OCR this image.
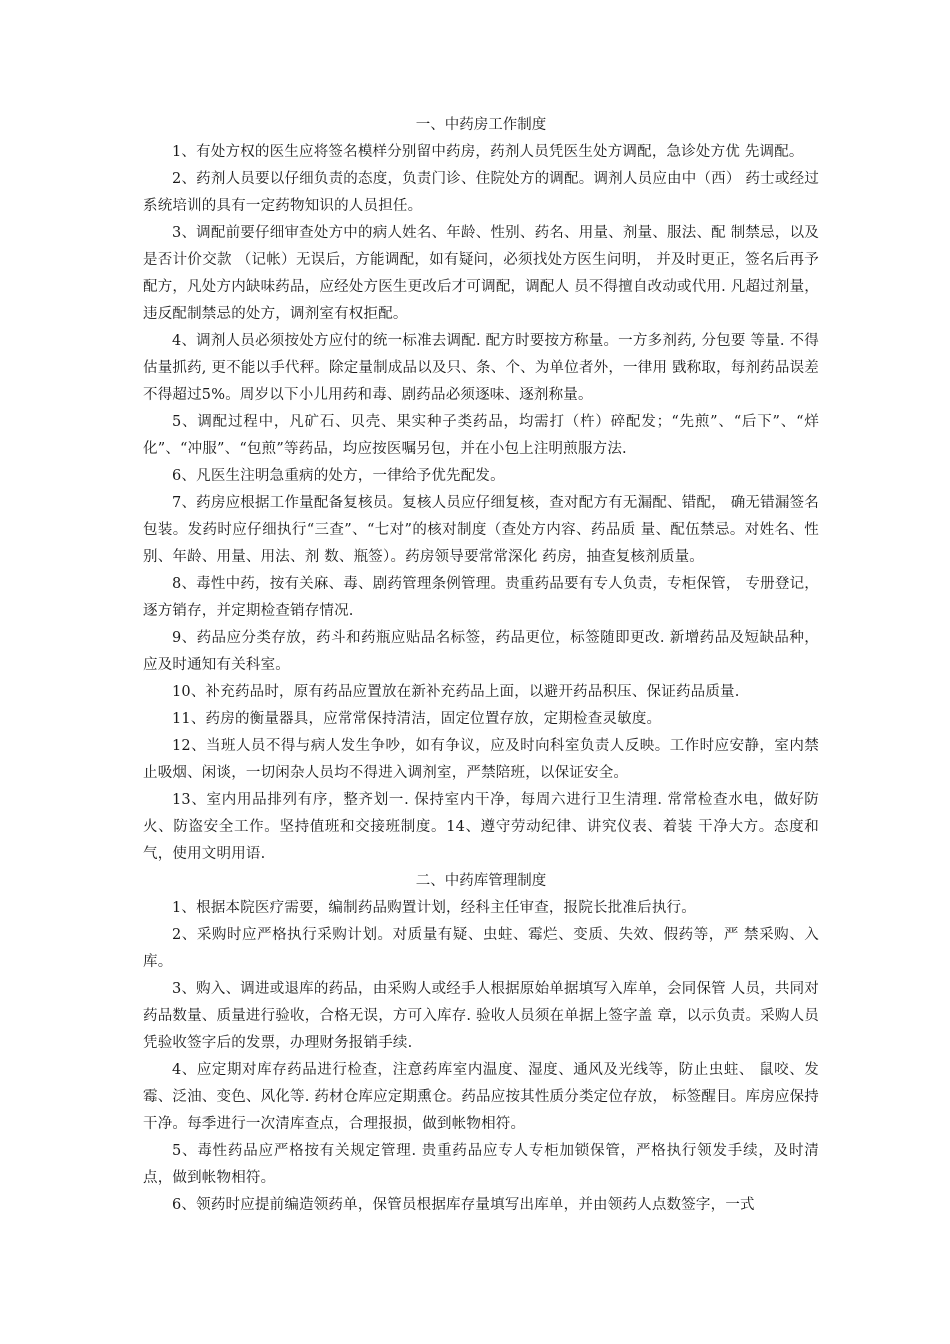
一、中药房工作制度

1、有处方权的医生应将签名模样分别留中药房，药剂人员凭医生处方调配，急诊处方优 先调配。

2、药剂人员要以仔细负责的态度，负责门诊、住院处方的调配。调剂人员应由中（西） 药士或经过系统培训的具有一定药物知识的人员担任。

3、调配前要仔细审查处方中的病人姓名、年龄、性别、药名、用量、剂量、服法、配 制禁忌，以及是否计价交款 （记帐）无误后，方能调配，如有疑问，必须找处方医生问明， 并及时更正，签名后再予配方，凡处方内缺味药品，应经处方医生更改后才可调配，调配人 员不得擅自改动或代用. 凡超过剂量，违反配制禁忌的处方，调剂室有权拒配。

4、调剂人员必须按处方应付的统一标准去调配. 配方时要按方称量。一方多剂药, 分包要 等量. 不得估量抓药, 更不能以手代秤。除定量制成品以及只、条、个、为单位者外，一律用 戥称取，每剂药品误差不得超过5%。周岁以下小儿用药和毒、剧药品必须逐味、逐剂称量。

5、调配过程中，凡矿石、贝壳、果实种子类药品，均需打（杵）碎配发；“先煎”、“后下”、“烊化”、“冲服”、“包煎”等药品，均应按医嘱另包，并在小包上注明煎服方法.

6、凡医生注明急重病的处方，一律给予优先配发。

7、药房应根据工作量配备复核员。复核人员应仔细复核，查对配方有无漏配、错配， 确无错漏签名包装。发药时应仔细执行“三查”、“七对”的核对制度（查处方内容、药品质 量、配伍禁忌。对姓名、性别、年龄、用量、用法、剂 数、瓶签）。药房领导要常常深化 药房，抽查复核剂质量。

8、毒性中药，按有关麻、毒、剧药管理条例管理。贵重药品要有专人负责，专柜保管， 专册登记，逐方销存，并定期检查销存情况.

9、药品应分类存放，药斗和药瓶应贴品名标签，药品更位，标签随即更改. 新增药品及短缺品种，应及时通知有关科室。

10、补充药品时，原有药品应置放在新补充药品上面，以避开药品积压、保证药品质量.

11、药房的衡量器具，应常常保持清洁，固定位置存放，定期检查灵敏度。

12、当班人员不得与病人发生争吵，如有争议，应及时向科室负责人反映。工作时应安静，室内禁止吸烟、闲谈，一切闲杂人员均不得进入调剂室，严禁陪班，以保证安全。

13、室内用品排列有序，整齐划一. 保持室内干净，每周六进行卫生清理. 常常检查水电，做好防火、防盗安全工作。坚持值班和交接班制度。14、遵守劳动纪律、讲究仪表、着装 干净大方。态度和气，使用文明用语.

二、中药库管理制度

1、根据本院医疗需要，编制药品购置计划，经科主任审查，报院长批准后执行。

2、采购时应严格执行采购计划。对质量有疑、虫蛀、霉烂、变质、失效、假药等，严 禁采购、入库。

3、购入、调进或退库的药品，由采购人或经手人根据原始单据填写入库单，会同保管 人员，共同对药品数量、质量进行验收，合格无误，方可入库存. 验收人员须在单据上签字盖 章，以示负责。采购人员凭验收签字后的发票，办理财务报销手续.

4、应定期对库存药品进行检查，注意药库室内温度、湿度、通风及光线等，防止虫蛀、 鼠咬、发霉、泛油、变色、风化等. 药材仓库应定期熏仓。药品应按其性质分类定位存放， 标签醒目。库房应保持干净。每季进行一次清库查点，合理报损，做到帐物相符。

5、毒性药品应严格按有关规定管理. 贵重药品应专人专柜加锁保管，严格执行领发手续，及时清点，做到帐物相符。

6、领药时应提前编造领药单，保管员根据库存量填写出库单，并由领药人点数签字，一式
